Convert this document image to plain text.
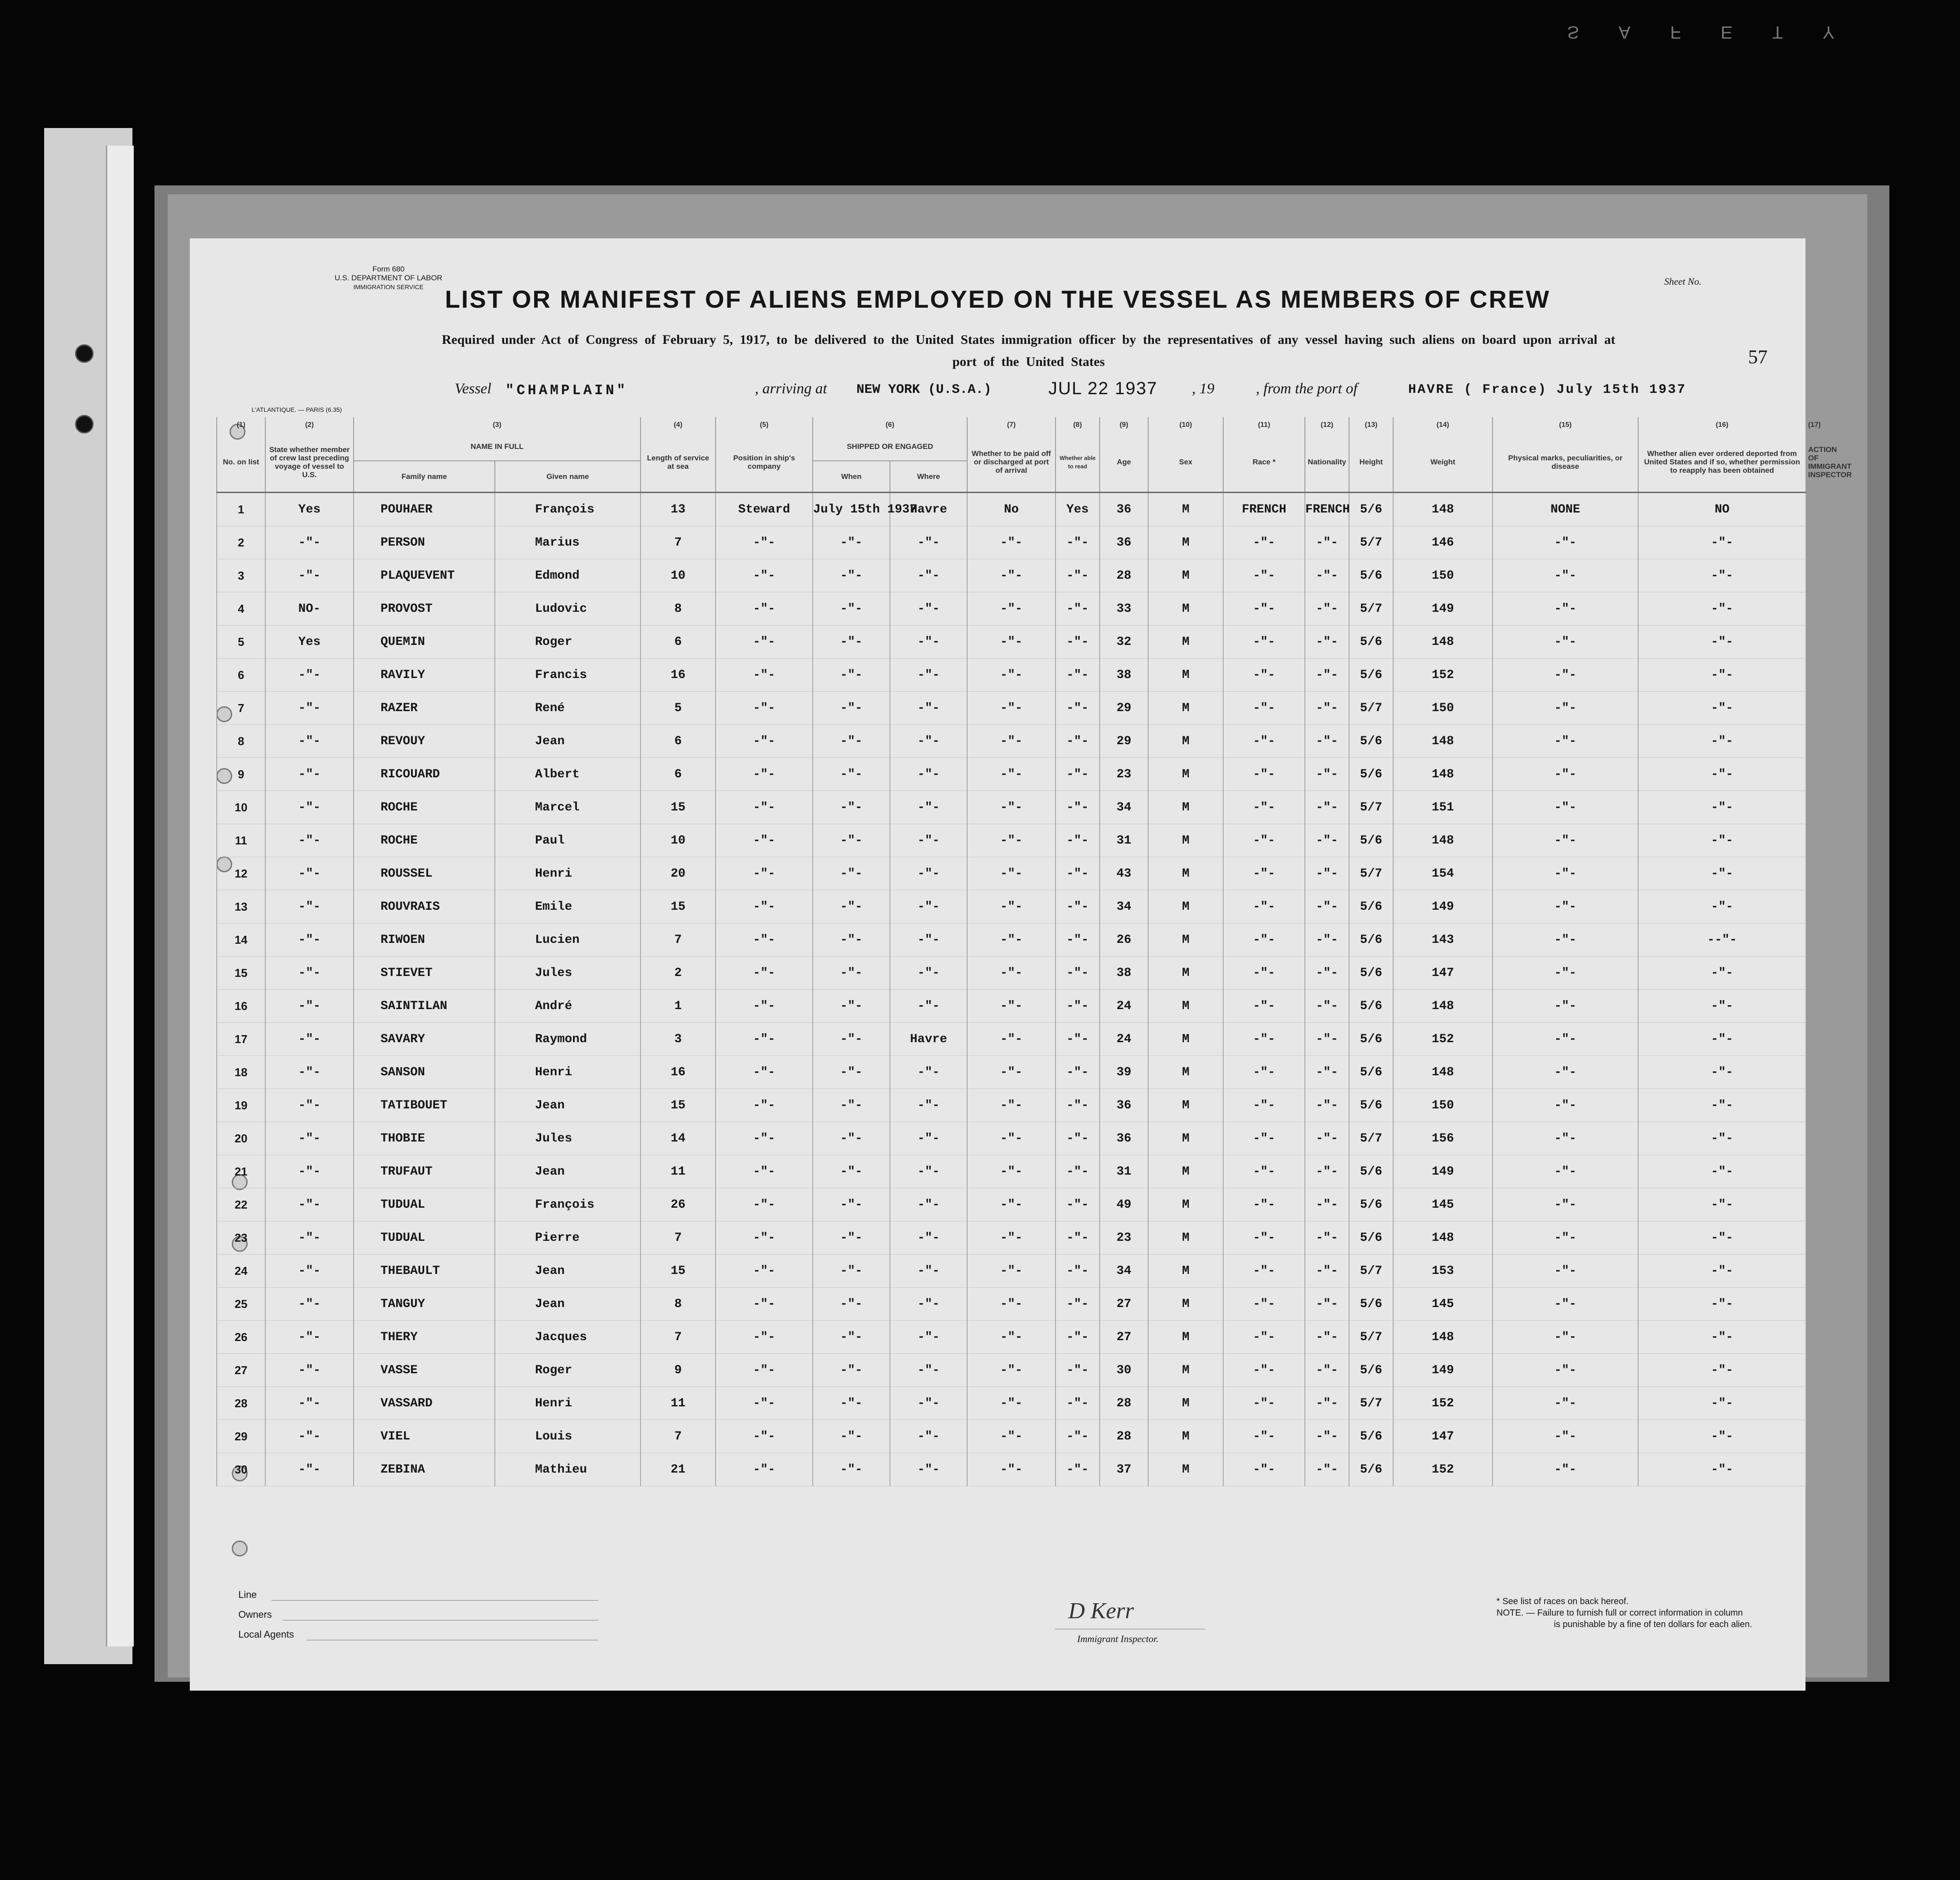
SAFETY
Form 680
U.S. DEPARTMENT OF LABOR
IMMIGRATION SERVICE	Sheet No.
57
LIST OR MANIFEST OF ALIENS EMPLOYED ON THE VESSEL AS MEMBERS OF CREW
Required under Act of Congress of February 5, 1917, to be delivered to the United States immigration officer by the representatives of any vessel having such aliens on board upon arrival at
port of the United States
Vessel "CHAMPLAIN"	, arriving at NEW YORK (U.S.A.)	JUL 22 1937 , 19	, from the port of	HAVRE ( France) July 15th 1937
L'ATLANTIQUE. — PARIS (6.35)
(1)	(2)	(3)		(4)	(5)	(6)		(7)	(8)	(9)	(10)	(11)	(12)	(13)	(14)	(15)	(16)	
No. on list	State whether member of crew last preceding voyage of vessel to U.S.	NAME IN FULL		Length of service at sea	Position in ship's company	SHIPPED OR ENGAGED		Whether to be paid off or discharged at port of arrival	Whether able to read	Age	Sex	Race *	Nationality	Height	Weight	Physical marks, peculiarities, or disease	Whether alien ever ordered deported from United States and if so, whether permission to reapply has been obtained	
		Family name	Given name			When	Where											
1	Yes	POUHAER	François	13	Steward	July 15th 1937	Havre	No	Yes	36	M	FRENCH	FRENCH	5/6	148	NONE	NO	
2	-"-	PERSON	Marius	7	-"-	-"-	-"-	-"-	-"-	36	M	-"-	-"-	5/7	146	-"-	-"-	
3	-"-	PLAQUEVENT	Edmond	10	-"-	-"-	-"-	-"-	-"-	28	M	-"-	-"-	5/6	150	-"-	-"-	
4	NO-	PROVOST	Ludovic	8	-"-	-"-	-"-	-"-	-"-	33	M	-"-	-"-	5/7	149	-"-	-"-	
5	Yes	QUEMIN	Roger	6	-"-	-"-	-"-	-"-	-"-	32	M	-"-	-"-	5/6	148	-"-	-"-	
6	-"-	RAVILY	Francis	16	-"-	-"-	-"-	-"-	-"-	38	M	-"-	-"-	5/6	152	-"-	-"-	
7	-"-	RAZER	René	5	-"-	-"-	-"-	-"-	-"-	29	M	-"-	-"-	5/7	150	-"-	-"-	
8	-"-	REVOUY	Jean	6	-"-	-"-	-"-	-"-	-"-	29	M	-"-	-"-	5/6	148	-"-	-"-	
9	-"-	RICOUARD	Albert	6	-"-	-"-	-"-	-"-	-"-	23	M	-"-	-"-	5/6	148	-"-	-"-	
10	-"-	ROCHE	Marcel	15	-"-	-"-	-"-	-"-	-"-	34	M	-"-	-"-	5/7	151	-"-	-"-	
11	-"-	ROCHE	Paul	10	-"-	-"-	-"-	-"-	-"-	31	M	-"-	-"-	5/6	148	-"-	-"-	
12	-"-	ROUSSEL	Henri	20	-"-	-"-	-"-	-"-	-"-	43	M	-"-	-"-	5/7	154	-"-	-"-	
13	-"-	ROUVRAIS	Emile	15	-"-	-"-	-"-	-"-	-"-	34	M	-"-	-"-	5/6	149	-"-	-"-	
14	-"-	RIWOEN	Lucien	7	-"-	-"-	-"-	-"-	-"-	26	M	-"-	-"-	5/6	143	-"-	--"-	
15	-"-	STIEVET	Jules	2	-"-	-"-	-"-	-"-	-"-	38	M	-"-	-"-	5/6	147	-"-	-"-	
16	-"-	SAINTILAN	André	1	-"-	-"-	-"-	-"-	-"-	24	M	-"-	-"-	5/6	148	-"-	-"-	
17	-"-	SAVARY	Raymond	3	-"-	-"-	Havre	-"-	-"-	24	M	-"-	-"-	5/6	152	-"-	-"-	
18	-"-	SANSON	Henri	16	-"-	-"-	-"-	-"-	-"-	39	M	-"-	-"-	5/6	148	-"-	-"-	
19	-"-	TATIBOUET	Jean	15	-"-	-"-	-"-	-"-	-"-	36	M	-"-	-"-	5/6	150	-"-	-"-	
20	-"-	THOBIE	Jules	14	-"-	-"-	-"-	-"-	-"-	36	M	-"-	-"-	5/7	156	-"-	-"-	
21	-"-	TRUFAUT	Jean	11	-"-	-"-	-"-	-"-	-"-	31	M	-"-	-"-	5/6	149	-"-	-"-	
22	-"-	TUDUAL	François	26	-"-	-"-	-"-	-"-	-"-	49	M	-"-	-"-	5/6	145	-"-	-"-	
23	-"-	TUDUAL	Pierre	7	-"-	-"-	-"-	-"-	-"-	23	M	-"-	-"-	5/6	148	-"-	-"-	
24	-"-	THEBAULT	Jean	15	-"-	-"-	-"-	-"-	-"-	34	M	-"-	-"-	5/7	153	-"-	-"-	
25	-"-	TANGUY	Jean	8	-"-	-"-	-"-	-"-	-"-	27	M	-"-	-"-	5/6	145	-"-	-"-	
26	-"-	THERY	Jacques	7	-"-	-"-	-"-	-"-	-"-	27	M	-"-	-"-	5/7	148	-"-	-"-	
27	-"-	VASSE	Roger	9	-"-	-"-	-"-	-"-	-"-	30	M	-"-	-"-	5/6	149	-"-	-"-	
28	-"-	VASSARD	Henri	11	-"-	-"-	-"-	-"-	-"-	28	M	-"-	-"-	5/7	152	-"-	-"-	
29	-"-	VIEL	Louis	7	-"-	-"-	-"-	-"-	-"-	28	M	-"-	-"-	5/6	147	-"-	-"-	
30	-"-	ZEBINA	Mathieu	21	-"-	-"-	-"-	-"-	-"-	37	M	-"-	-"-	5/6	152	-"-	-"-	
Line
Owners
Local Agents
D Kerr
Immigrant Inspector.
* See list of races on back hereof.
NOTE. — Failure to furnish full or correct information in column
is punishable by a fine of ten dollars for each alien.
